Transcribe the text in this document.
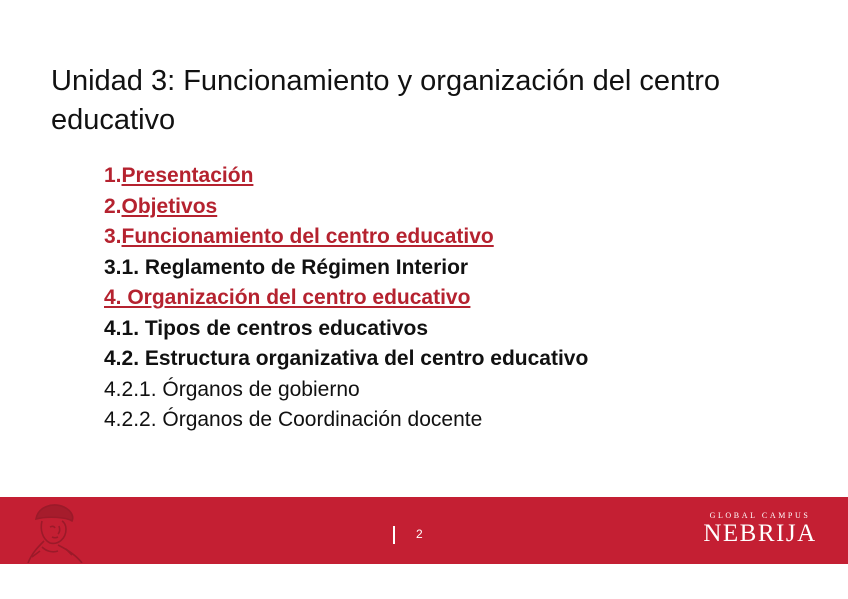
Unidad 3: Funcionamiento y organización del centro educativo
1.Presentación
2.Objetivos
3.Funcionamiento del centro educativo
3.1. Reglamento de Régimen Interior
4. Organización del centro educativo
4.1. Tipos de centros educativos
4.2. Estructura organizativa del centro educativo
4.2.1. Órganos de gobierno
4.2.2. Órganos de Coordinación docente
2
GLOBAL CAMPUS
NEBRIJA
